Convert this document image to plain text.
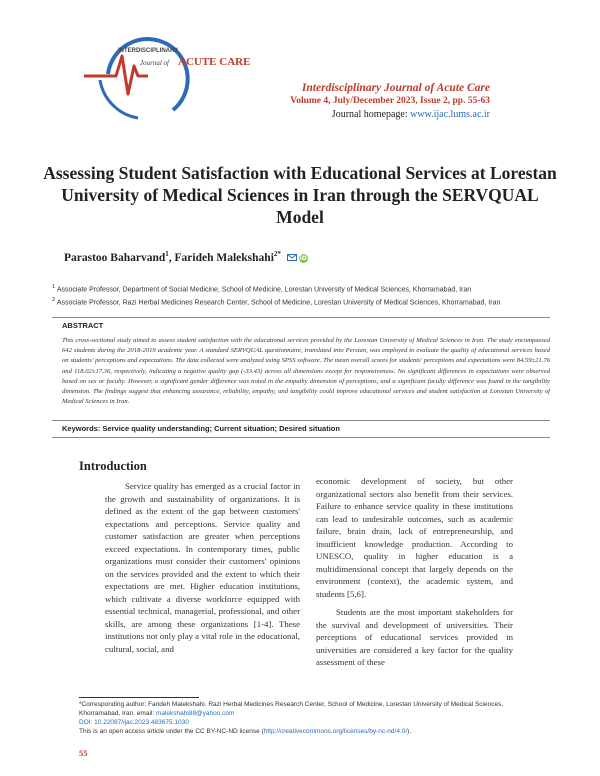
INTERDISCIPLINARY
Journal of ACUTE CARE
Interdisciplinary Journal of Acute Care
Volume 4, July/December 2023, Issue 2, pp. 55-63
Journal homepage: www.ijac.lums.ac.ir
Assessing Student Satisfaction with Educational Services at Lorestan University of Medical Sciences in Iran through the SERVQUAL Model
Parastoo Baharvand$^1$, Farideh Malekshahi$^{2*}$ iD
$^1$ Associate Professor, Department of Social Medicine, School of Medicine, Lorestan University of Medical Sciences, Khorramabad, Iran
$^2$ Associate Professor, Razi Herbal Medicines Research Center, School of Medicine, Lorestan University of Medical Sciences, Khorramabad, Iran
ABSTRACT
This cross-sectional study aimed to assess student satisfaction with the educational services provided by the Lorestan University of Medical Sciences in Iran. The study encompassed 642 students during the 2018-2019 academic year. A standard SERVQUAL questionnaire, translated into Persian, was employed to evaluate the quality of educational services based on students' perceptions and expectations. The data collected were analyzed using SPSS software. The mean overall scores for students' perceptions and expectations were 84.59±21.76 and 118.02±17.36, respectively, indicating a negative quality gap (-33.43) across all dimensions except for responsiveness. No significant differences in expectations were observed based on sex or faculty. However, a significant gender difference was noted in the empathy dimension of perceptions, and a significant faculty difference was found in the tangibility dimension. The findings suggest that enhancing assurance, reliability, empathy, and tangibility could improve educational services and student satisfaction at Lorestan University of Medical Sciences in Iran.
Keywords: Service quality understanding; Current situation; Desired situation
Introduction

Service quality has emerged as a crucial factor in the growth and sustainability of organizations. It is defined as the extent of the gap between customers' expectations and perceptions. Service quality and customer satisfaction are greater when perceptions exceed expectations. In contemporary times, public organizations must consider their customers' opinions on the services provided and the extent to which their expectations are met. Higher education institutions, which cultivate a diverse workforce equipped with essential technical, managerial, professional, and other skills, are among these organizations [1-4]. These institutions not only play a vital role in the educational, cultural, social, and

economic development of society, but other organizational sectors also benefit from their services. Failure to enhance service quality in these institutions can lead to undesirable outcomes, such as academic failure, brain drain, lack of entrepreneurship, and insufficient knowledge production. According to UNESCO, quality in higher education is a multidimensional concept that largely depends on the environment (context), the academic system, and students [5,6].

Students are the most important stakeholders for the survival and development of universities. Their perceptions of educational services provided in universities are considered a key factor for the quality assessment of these

*Corresponding author: Farideh Malekshahi. Razi Herbal Medicines Research Center, School of Medicine, Lorestan University of Medical Sciences, Khorramabad, Iran. email: malekshahi89@yahoo.com
DOI: 10.22087/ijac.2023.483675.1030
This is an open access article under the CC BY-NC-ND license (http://creativecommons.org/licenses/by-nc-nd/4.0/).
55
